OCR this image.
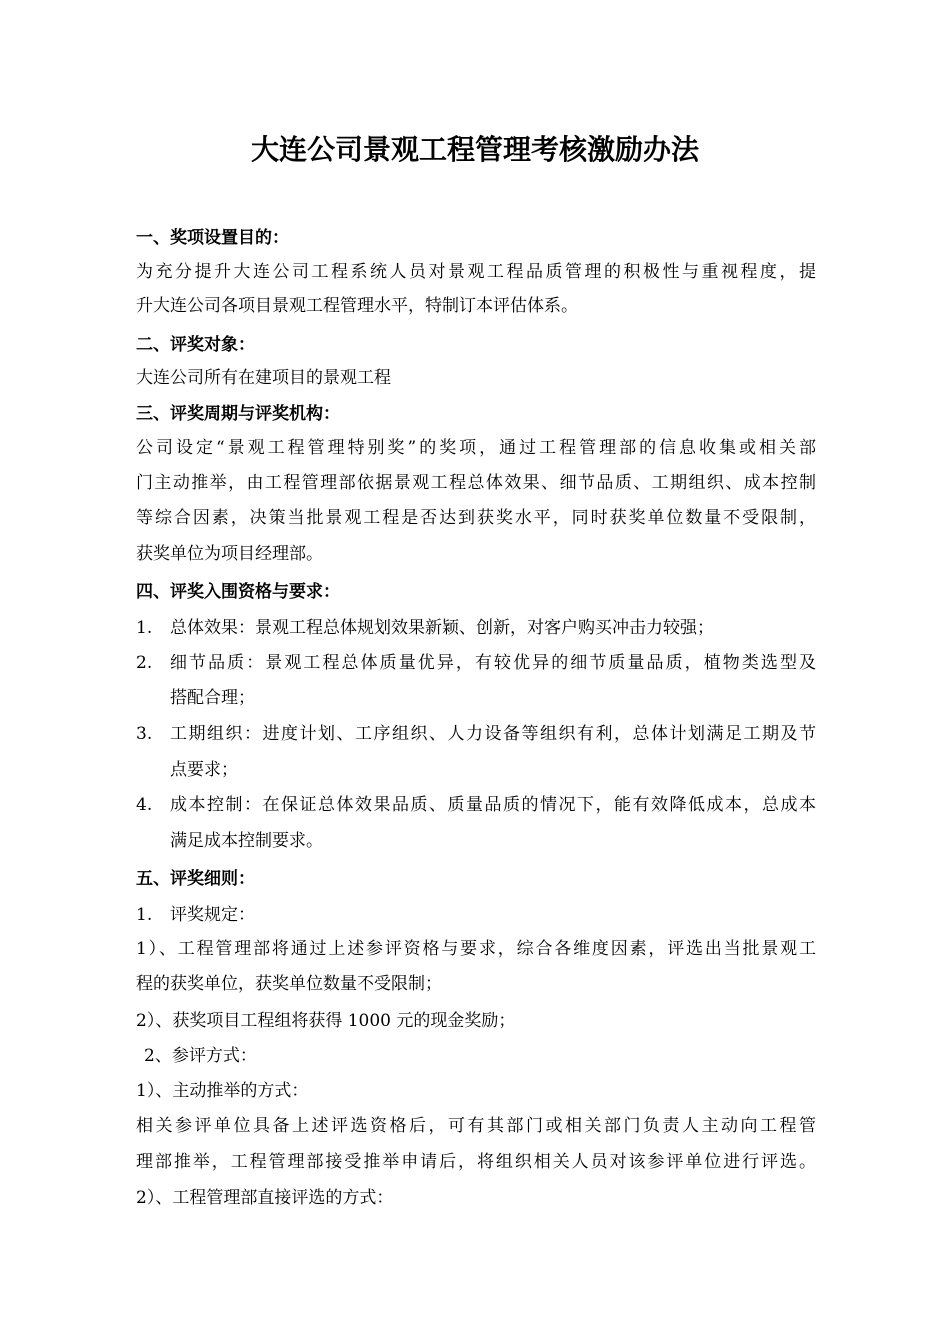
大连公司景观工程管理考核激励办法
一、奖项设置目的：
为充分提升大连公司工程系统人员对景观工程品质管理的积极性与重视程度，提
升大连公司各项目景观工程管理水平，特制订本评估体系。
二、评奖对象：
大连公司所有在建项目的景观工程
三、评奖周期与评奖机构：
公司设定“景观工程管理特别奖”的奖项，通过工程管理部的信息收集或相关部
门主动推举，由工程管理部依据景观工程总体效果、细节品质、工期组织、成本控制
等综合因素，决策当批景观工程是否达到获奖水平，同时获奖单位数量不受限制，
获奖单位为项目经理部。
四、评奖入围资格与要求：
1. 总体效果：景观工程总体规划效果新颖、创新，对客户购买冲击力较强；
2. 细节品质：景观工程总体质量优异，有较优异的细节质量品质，植物类选型及
搭配合理；
3. 工期组织：进度计划、工序组织、人力设备等组织有利，总体计划满足工期及节
点要求；
4. 成本控制：在保证总体效果品质、质量品质的情况下，能有效降低成本，总成本
满足成本控制要求。
五、评奖细则：
1. 评奖规定：
1）、工程管理部将通过上述参评资格与要求，综合各维度因素，评选出当批景观工
程的获奖单位，获奖单位数量不受限制；
2）、获奖项目工程组将获得 1000 元的现金奖励；
2、参评方式：
1）、主动推举的方式：
相关参评单位具备上述评选资格后，可有其部门或相关部门负责人主动向工程管
理部推举，工程管理部接受推举申请后，将组织相关人员对该参评单位进行评选。
2）、工程管理部直接评选的方式：
